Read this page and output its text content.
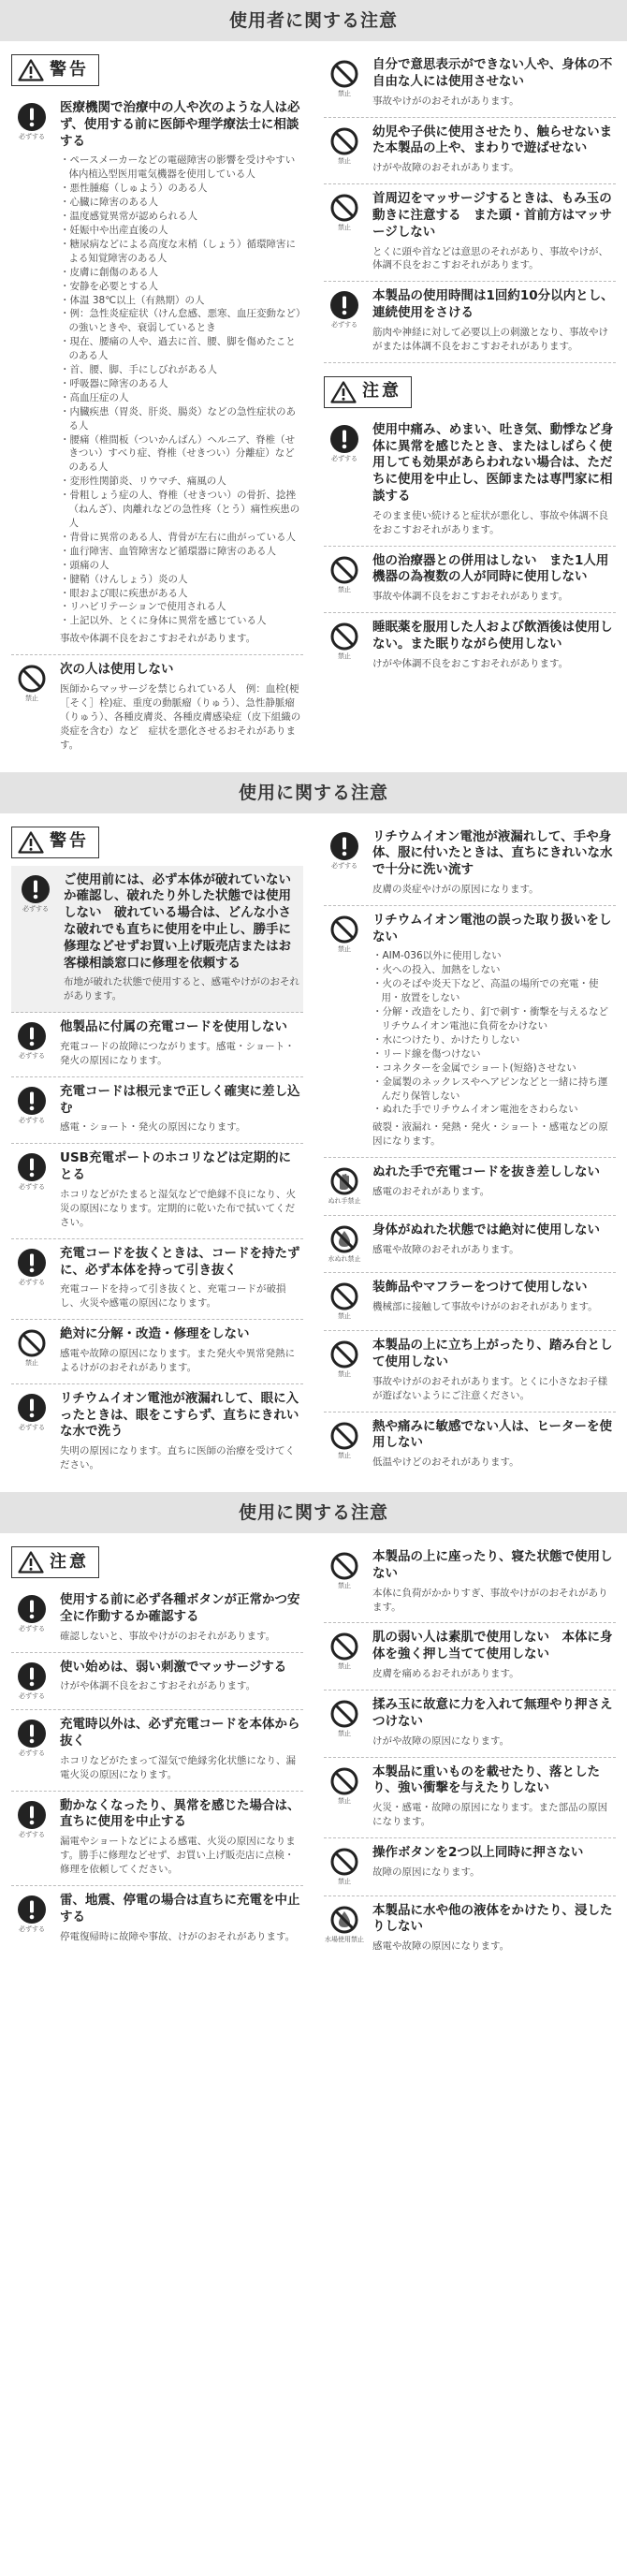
使用者に関する注意
警告
必ずする
医療機関で治療中の人や次のような人は必ず、使用する前に医師や理学療法士に相談する
・ペースメーカーなどの電磁障害の影響を受けやすい体内植込型医用電気機器を使用している人
・悪性腫瘍（しゅよう）のある人
・心臓に障害のある人
・温度感覚異常が認められる人
・妊娠中や出産直後の人
・糖尿病などによる高度な末梢（しょう）循環障害による知覚障害のある人
・皮膚に創傷のある人
・安静を必要とする人
・体温 38℃以上（有熱期）の人
・例：急性炎症症状（けん怠感、悪寒、血圧変動など）の強いときや、衰弱しているとき
・現在、腰痛の人や、過去に首、腰、脚を傷めたことのある人
・首、腰、脚、手にしびれがある人
・呼吸器に障害のある人
・高血圧症の人
・内臓疾患（胃炎、肝炎、腸炎）などの急性症状のある人
・腰痛（椎間板（ついかんばん）ヘルニア、脊椎（せきつい）すべり症、脊椎（せきつい）分離症）などのある人
・変形性関節炎、リウマチ、痛風の人
・骨粗しょう症の人、脊椎（せきつい）の骨折、捻挫（ねんざ）、肉離れなどの急性疼（とう）痛性疾患の人
・背骨に異常のある人、背骨が左右に曲がっている人
・血行障害、血管障害など循環器に障害のある人
・頭痛の人
・腱鞘（けんしょう）炎の人
・眼および眼に疾患がある人
・リハビリテーションで使用される人
・上記以外、とくに身体に異常を感じている人
事故や体調不良をおこすおそれがあります。
禁止
次の人は使用しない
医師からマッサージを禁じられている人　例：血栓(梗［そく］栓)症、重度の動脈瘤（りゅう）、急性静脈瘤（りゅう）、各種皮膚炎、各種皮膚感染症（皮下組織の炎症を含む）など　症状を悪化させるおそれがあります。
禁止
自分で意思表示ができない人や、身体の不自由な人には使用させない
事故やけがのおそれがあります。
禁止
幼児や子供に使用させたり、触らせないまた本製品の上や、まわりで遊ばせない
けがや故障のおそれがあります。
禁止
首周辺をマッサージするときは、もみ玉の動きに注意する　また頭・首前方はマッサージしない
とくに頭や首などは意思のそれがあり、事故やけが、体調不良をおこすおそれがあります。
必ずする
本製品の使用時間は1回約10分以内とし、連続使用をさける
筋肉や神経に対して必要以上の刺激となり、事故やけがまたは体調不良をおこすおそれがあります。
注意
必ずする
使用中痛み、めまい、吐き気、動悸など身体に異常を感じたとき、またはしばらく使用しても効果があらわれない場合は、ただちに使用を中止し、医師または専門家に相談する
そのまま使い続けると症状が悪化し、事故や体調不良をおこすおそれがあります。
禁止
他の治療器との併用はしない　また1人用機器の為複数の人が同時に使用しない
事故や体調不良をおこすおそれがあります。
禁止
睡眠薬を服用した人および飲酒後は使用しない。また眠りながら使用しない
けがや体調不良をおこすおそれがあります。
使用に関する注意
警告
必ずする
ご使用前には、必ず本体が破れていないか確認し、破れたり外した状態では使用しない　破れている場合は、どんな小さな破れでも直ちに使用を中止し、勝手に修理などせずお買い上げ販売店またはお客様相談窓口に修理を依頼する
布地が破れた状態で使用すると、感電やけがのおそれがあります。
必ずする
他製品に付属の充電コードを使用しない
充電コードの故障につながります。感電・ショート・発火の原因になります。
必ずする
充電コードは根元まで正しく確実に差し込む
感電・ショート・発火の原因になります。
必ずする
USB充電ポートのホコリなどは定期的にとる
ホコリなどがたまると湿気などで絶縁不良になり、火災の原因になります。定期的に乾いた布で拭いてください。
必ずする
充電コードを抜くときは、コードを持たずに、必ず本体を持って引き抜く
充電コードを持って引き抜くと、充電コードが破損し、火災や感電の原因になります。
禁止
絶対に分解・改造・修理をしない
感電や故障の原因になります。また発火や異常発熱によるけがのおそれがあります。
必ずする
リチウムイオン電池が液漏れして、眼に入ったときは、眼をこすらず、直ちにきれいな水で洗う
失明の原因になります。直ちに医師の治療を受けてください。
必ずする
リチウムイオン電池が液漏れして、手や身体、服に付いたときは、直ちにきれいな水で十分に洗い流す
皮膚の炎症やけがの原因になります。
禁止
リチウムイオン電池の誤った取り扱いをしない
・AIM-036以外に使用しない
・火への投入、加熱をしない
・火のそばや炎天下など、高温の場所での充電・使用・放置をしない
・分解・改造をしたり、釘で刺す・衝撃を与えるなどリチウムイオン電池に負荷をかけない
・水につけたり、かけたりしない
・リード線を傷つけない
・コネクターを金属でショート(短絡)させない
・金属製のネックレスやヘアピンなどと一緒に持ち運んだり保管しない
・ぬれた手でリチウムイオン電池をさわらない
破裂・液漏れ・発熱・発火・ショート・感電などの原因になります。
ぬれ手禁止
ぬれた手で充電コードを抜き差ししない
感電のおそれがあります。
水ぬれ禁止
身体がぬれた状態では絶対に使用しない
感電や故障のおそれがあります。
禁止
装飾品やマフラーをつけて使用しない
機械部に接触して事故やけがのおそれがあります。
禁止
本製品の上に立ち上がったり、踏み台として使用しない
事故やけがのおそれがあります。とくに小さなお子様が遊ばないようにご注意ください。
禁止
熱や痛みに敏感でない人は、ヒーターを使用しない
低温やけどのおそれがあります。
使用に関する注意
注意
必ずする
使用する前に必ず各種ボタンが正常かつ安全に作動するか確認する
確認しないと、事故やけがのおそれがあります。
必ずする
使い始めは、弱い刺激でマッサージする
けがや体調不良をおこすおそれがあります。
必ずする
充電時以外は、必ず充電コードを本体から抜く
ホコリなどがたまって湿気で絶縁劣化状態になり、漏電火災の原因になります。
必ずする
動かなくなったり、異常を感じた場合は、直ちに使用を中止する
漏電やショートなどによる感電、火災の原因になります。勝手に修理などせず、お買い上げ販売店に点検・修理を依頼してください。
必ずする
雷、地震、停電の場合は直ちに充電を中止する
停電復帰時に故障や事故、けがのおそれがあります。
禁止
本製品の上に座ったり、寝た状態で使用しない
本体に負荷がかかりすぎ、事故やけがのおそれがあります。
禁止
肌の弱い人は素肌で使用しない　本体に身体を強く押し当てて使用しない
皮膚を痛めるおそれがあります。
禁止
揉み玉に故意に力を入れて無理やり押さえつけない
けがや故障の原因になります。
禁止
本製品に重いものを載せたり、落としたり、強い衝撃を与えたりしない
火災・感電・故障の原因になります。また部品の原因になります。
禁止
操作ボタンを2つ以上同時に押さない
故障の原因になります。
水場使用禁止
本製品に水や他の液体をかけたり、浸したりしない
感電や故障の原因になります。
